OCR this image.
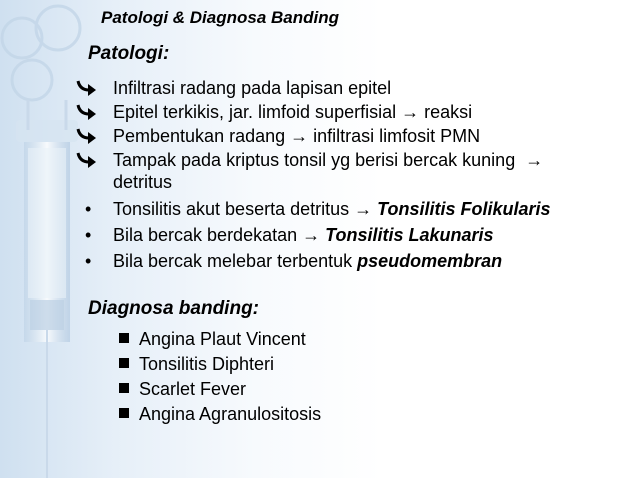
Patologi & Diagnosa Banding
Patologi:
Infiltrasi radang pada lapisan epitel
Epitel terkikis, jar. limfoid superfisial → reaksi
Pembentukan radang → infiltrasi limfosit PMN
Tampak pada kriptus tonsil yg berisi bercak kuning →
detritus
• Tonsilitis akut beserta detritus → Tonsilitis Folikularis
• Bila bercak berdekatan → Tonsilitis Lakunaris
• Bila bercak melebar terbentuk pseudomembran
Diagnosa banding:
Angina Plaut Vincent
Tonsilitis Diphteri
Scarlet Fever
Angina Agranulositosis
